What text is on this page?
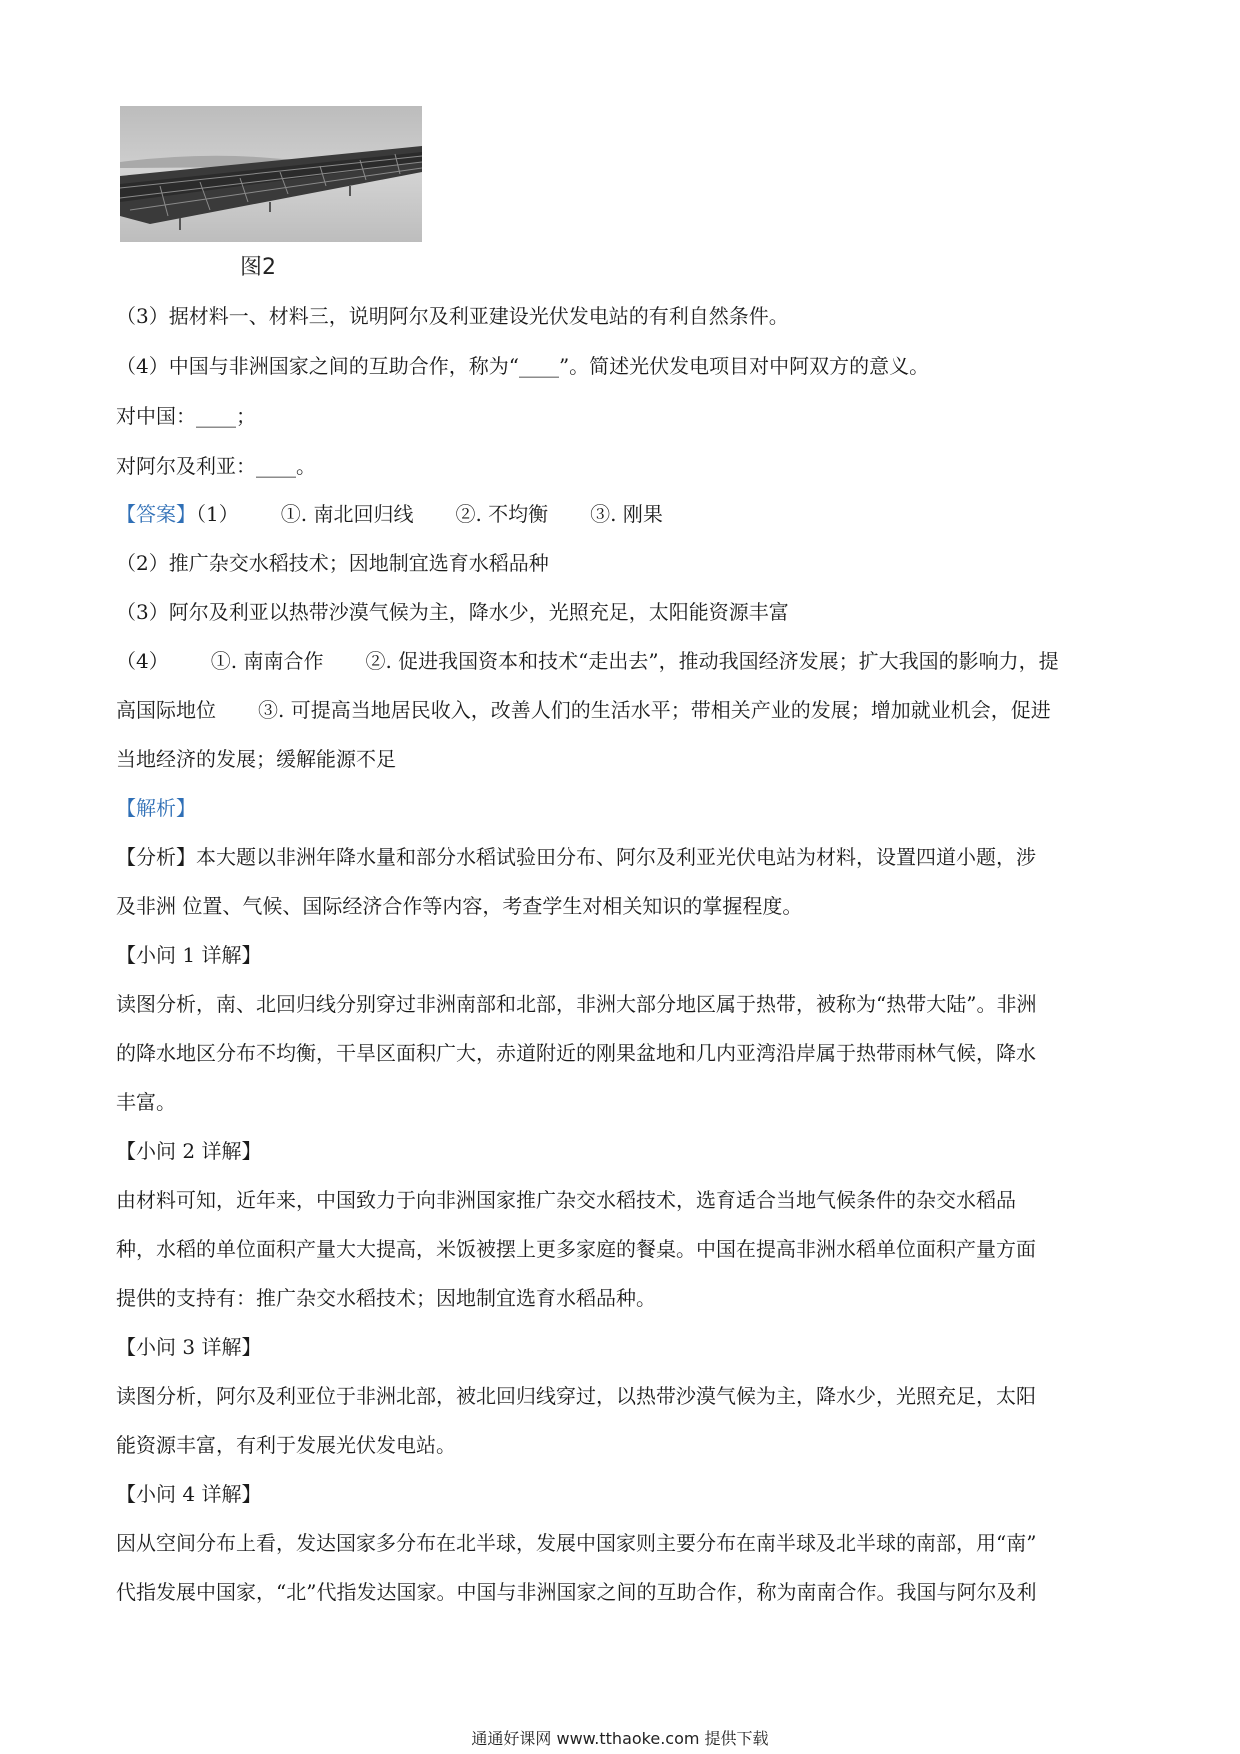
图2
（3）据材料一、材料三，说明阿尔及利亚建设光伏发电站的有利自然条件。
（4）中国与非洲国家之间的互助合作，称为“____”。简述光伏发电项目对中阿双方的意义。
对中国：____；
对阿尔及利亚：____。
【答案】（1） ①. 南北回归线 ②. 不均衡 ③. 刚果
（2）推广杂交水稻技术；因地制宜选育水稻品种
（3）阿尔及利亚以热带沙漠气候为主，降水少，光照充足，太阳能资源丰富
（4） ①. 南南合作 ②. 促进我国资本和技术“走出去”，推动我国经济发展；扩大我国的影响力，提
高国际地位 ③. 可提高当地居民收入，改善人们的生活水平；带相关产业的发展；增加就业机会，促进
当地经济的发展；缓解能源不足
【解析】
【分析】本大题以非洲年降水量和部分水稻试验田分布、阿尔及利亚光伏电站为材料，设置四道小题，涉
及非洲 位置、气候、国际经济合作等内容，考查学生对相关知识的掌握程度。
【小问 1 详解】
读图分析，南、北回归线分别穿过非洲南部和北部，非洲大部分地区属于热带，被称为“热带大陆”。非洲
的降水地区分布不均衡，干旱区面积广大，赤道附近的刚果盆地和几内亚湾沿岸属于热带雨林气候，降水
丰富。
【小问 2 详解】
由材料可知，近年来，中国致力于向非洲国家推广杂交水稻技术，选育适合当地气候条件的杂交水稻品
种，水稻的单位面积产量大大提高，米饭被摆上更多家庭的餐桌。中国在提高非洲水稻单位面积产量方面
提供的支持有：推广杂交水稻技术；因地制宜选育水稻品种。
【小问 3 详解】
读图分析，阿尔及利亚位于非洲北部，被北回归线穿过，以热带沙漠气候为主，降水少，光照充足，太阳
能资源丰富，有利于发展光伏发电站。
【小问 4 详解】
因从空间分布上看，发达国家多分布在北半球，发展中国家则主要分布在南半球及北半球的南部，用“南”
代指发展中国家，“北”代指发达国家。中国与非洲国家之间的互助合作，称为南南合作。我国与阿尔及利
通通好课网 www.tthaoke.com 提供下载
